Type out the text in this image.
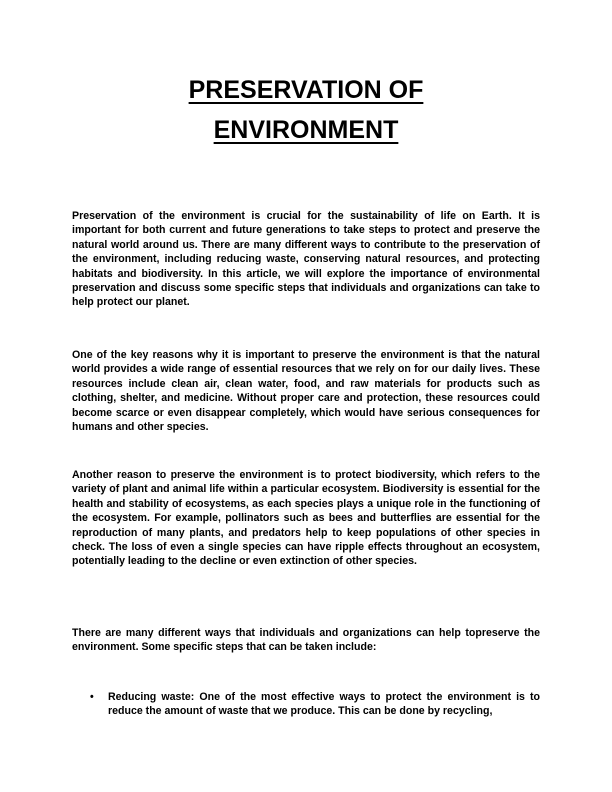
PRESERVATION OF
ENVIRONMENT

Preservation of the environment is crucial for the sustainability of life on Earth. It is important for both current and future generations to take steps to protect and preserve the natural world around us. There are many different ways to contribute to the preservation of the environment, including reducing waste, conserving natural resources, and protecting habitats and biodiversity. In this article, we will explore the importance of environmental preservation and discuss some specific steps that individuals and organizations can take to help protect our planet.

One of the key reasons why it is important to preserve the environment is that the natural world provides a wide range of essential resources that we rely on for our daily lives. These resources include clean air, clean water, food, and raw materials for products such as clothing, shelter, and medicine. Without proper care and protection, these resources could become scarce or even disappear completely, which would have serious consequences for humans and other species.

Another reason to preserve the environment is to protect biodiversity, which refers to the variety of plant and animal life within a particular ecosystem. Biodiversity is essential for the health and stability of ecosystems, as each species plays a unique role in the functioning of the ecosystem. For example, pollinators such as bees and butterflies are essential for the reproduction of many plants, and predators help to keep populations of other species in check. The loss of even a single species can have ripple effects throughout an ecosystem, potentially leading to the decline or even extinction of other species.

There are many different ways that individuals and organizations can help topreserve the environment. Some specific steps that can be taken include:

• Reducing waste: One of the most effective ways to protect the environment is to reduce the amount of waste that we produce. This can be done by recycling,
